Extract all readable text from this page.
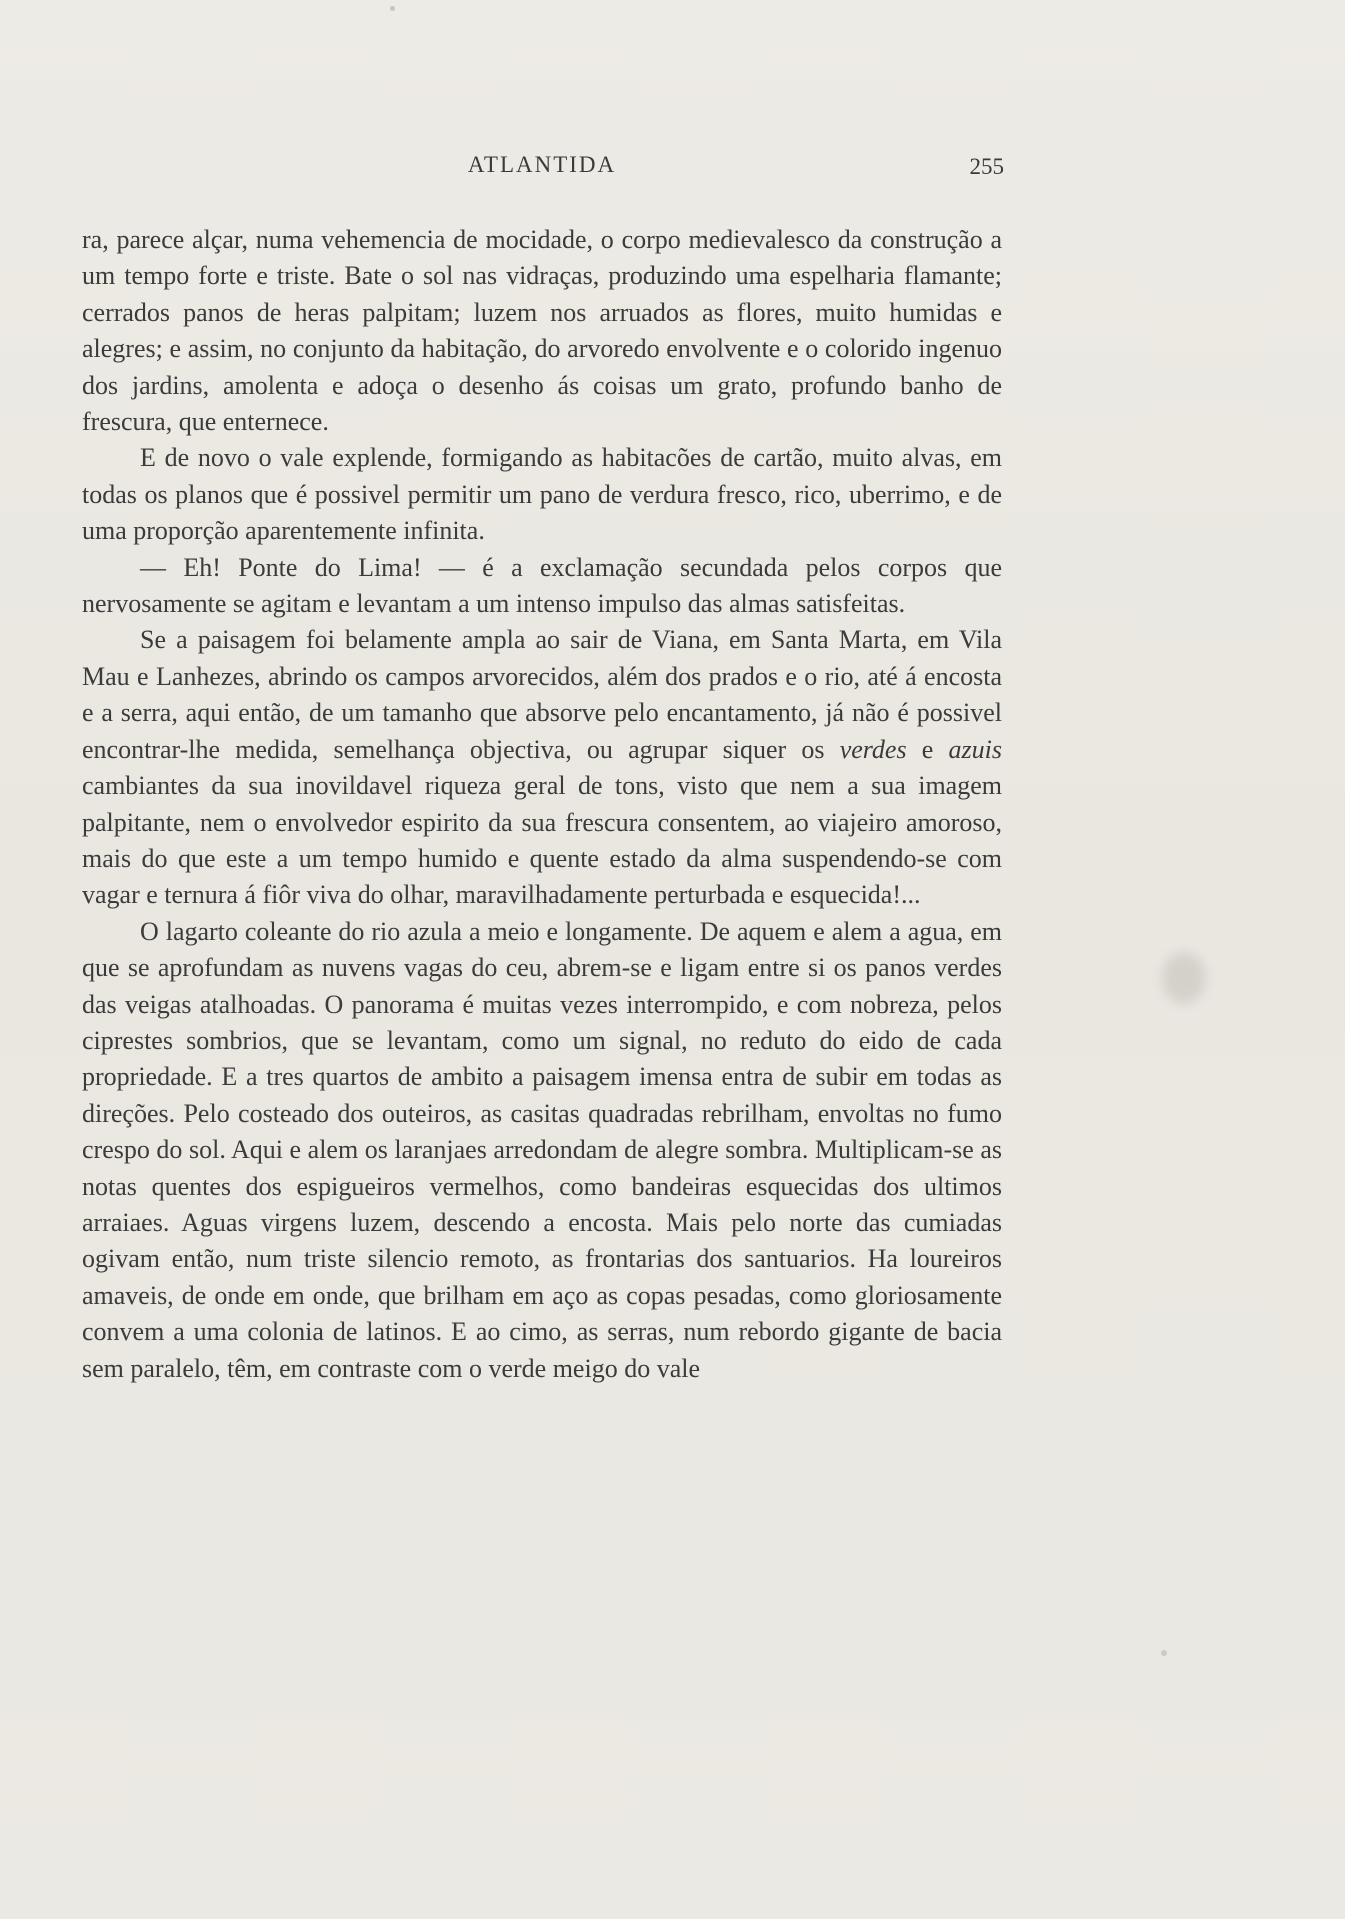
ATLANTIDA	255

ra, parece alçar, numa vehemencia de mocidade, o corpo medievalesco da construção a um tempo forte e triste. Bate o sol nas vidraças, produzindo uma espelharia flamante; cerrados panos de heras palpitam; luzem nos arruados as flores, muito humidas e alegres; e assim, no conjunto da habitação, do arvoredo envolvente e o colorido ingenuo dos jardins, amolenta e adoça o desenho ás coisas um grato, profundo banho de frescura, que enternece.

E de novo o vale explende, formigando as habitacões de cartão, muito alvas, em todas os planos que é possivel permitir um pano de verdura fresco, rico, uberrimo, e de uma proporção aparentemente infinita.

— Eh! Ponte do Lima! — é a exclamação secundada pelos corpos que nervosamente se agitam e levantam a um intenso impulso das almas satisfeitas.

Se a paisagem foi belamente ampla ao sair de Viana, em Santa Marta, em Vila Mau e Lanhezes, abrindo os campos arvorecidos, além dos prados e o rio, até á encosta e a serra, aqui então, de um tamanho que absorve pelo encantamento, já não é possivel encontrar-lhe medida, semelhança objectiva, ou agrupar siquer os verdes e azuis cambiantes da sua inovildavel riqueza geral de tons, visto que nem a sua imagem palpitante, nem o envolvedor espirito da sua frescura consentem, ao viajeiro amoroso, mais do que este a um tempo humido e quente estado da alma suspendendo-se com vagar e ternura á fiôr viva do olhar, maravilhadamente perturbada e esquecida!...

O lagarto coleante do rio azula a meio e longamente. De aquem e alem a agua, em que se aprofundam as nuvens vagas do ceu, abrem-se e ligam entre si os panos verdes das veigas atalhoadas. O panorama é muitas vezes interrompido, e com nobreza, pelos ciprestes sombrios, que se levantam, como um signal, no reduto do eido de cada propriedade. E a tres quartos de ambito a paisagem imensa entra de subir em todas as direções. Pelo costeado dos outeiros, as casitas quadradas rebrilham, envoltas no fumo crespo do sol. Aqui e alem os laranjaes arredondam de alegre sombra. Multiplicam-se as notas quentes dos espigueiros vermelhos, como bandeiras esquecidas dos ultimos arraiaes. Aguas virgens luzem, descendo a encosta. Mais pelo norte das cumiadas ogivam então, num triste silencio remoto, as frontarias dos santuarios. Ha loureiros amaveis, de onde em onde, que brilham em aço as copas pesadas, como gloriosamente convem a uma colonia de latinos. E ao cimo, as serras, num rebordo gigante de bacia sem paralelo, têm, em contraste com o verde meigo do vale
